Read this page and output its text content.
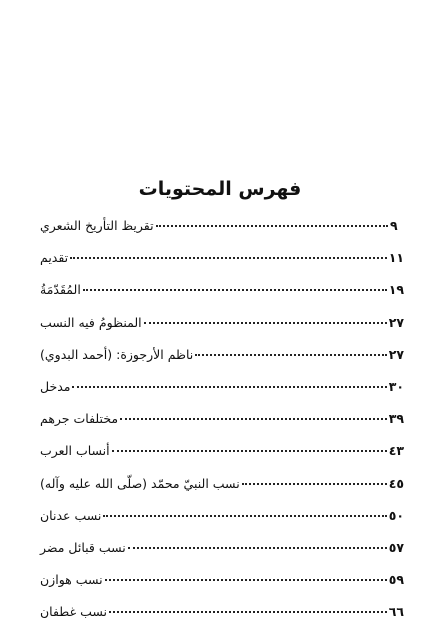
فهرس المحتويات
تقريظ التأريخ الشعري	٩
تقديم	١١
المُقَدّمَةُ	١٩
المنظومُ فيه النسب	٢٧
ناظم الأرجوزة: (أحمد البدوي)	٢٧
مدخل	٣٠
مختلفات جرهم	٣٩
أنساب العرب	٤٣
نسب النبيّ محمّد (صلّى الله عليه وآله)	٤٥
نسب عدنان	٥٠
نسب قبائل مضر	٥٧
نسب هوازن	٥٩
نسب غطفان	٦٦
